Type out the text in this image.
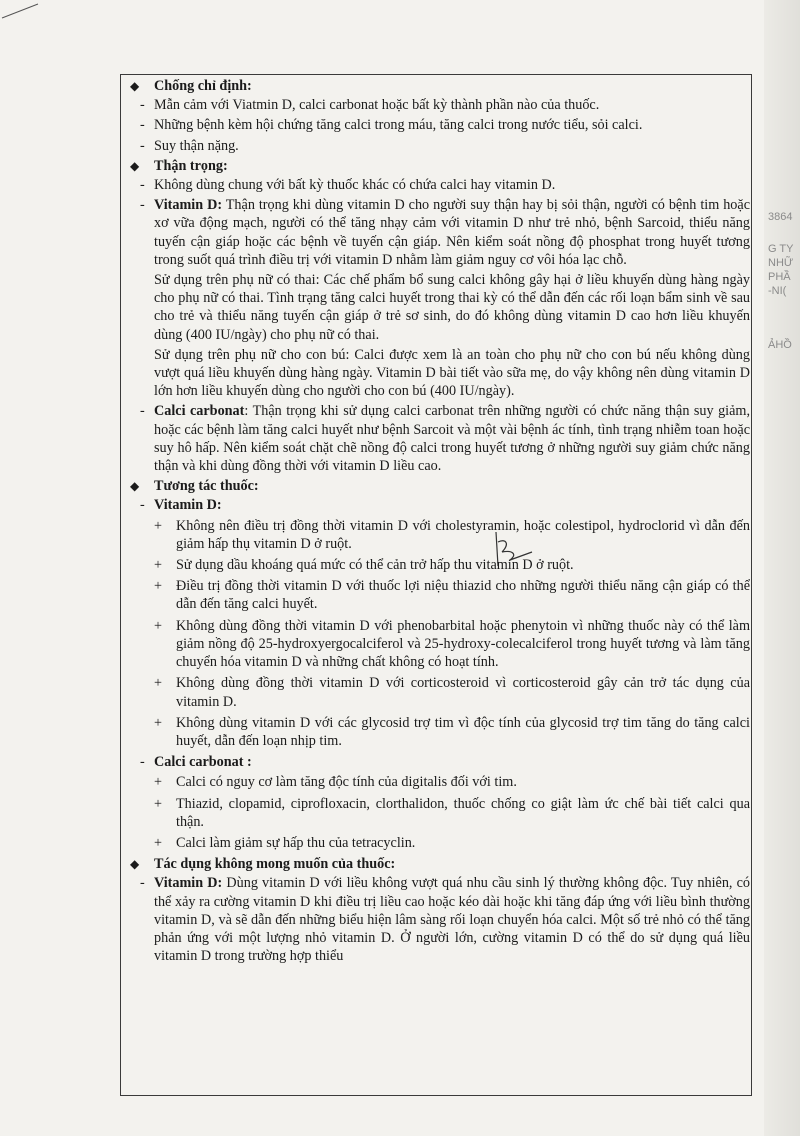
3864
G TY
NHỮ
PHẦ
-NI(
ẢHỒ

◆ Chống chỉ định:

- Mẫn cảm với Viatmin D, calci carbonat hoặc bất kỳ thành phần nào của thuốc.

- Những bệnh kèm hội chứng tăng calci trong máu, tăng calci trong nước tiểu, sỏi calci.

- Suy thận nặng.

◆ Thận trọng:

- Không dùng chung với bất kỳ thuốc khác có chứa calci hay vitamin D.

- Vitamin D: Thận trọng khi dùng vitamin D cho người suy thận hay bị sỏi thận, người có bệnh tim hoặc xơ vữa động mạch, người có thể tăng nhạy cảm với vitamin D như trẻ nhỏ, bệnh Sarcoid, thiểu năng tuyến cận giáp hoặc các bệnh về tuyến cận giáp. Nên kiểm soát nồng độ phosphat trong huyết tương trong suốt quá trình điều trị với vitamin D nhằm làm giảm nguy cơ vôi hóa lạc chỗ.

Sử dụng trên phụ nữ có thai: Các chế phẩm bổ sung calci không gây hại ở liều khuyến dùng hàng ngày cho phụ nữ có thai. Tình trạng tăng calci huyết trong thai kỳ có thể dẫn đến các rối loạn bẩm sinh về sau cho trẻ và thiểu năng tuyến cận giáp ở trẻ sơ sinh, do đó không dùng vitamin D cao hơn liều khuyến dùng (400 IU/ngày) cho phụ nữ có thai.

Sử dụng trên phụ nữ cho con bú: Calci được xem là an toàn cho phụ nữ cho con bú nếu không dùng vượt quá liều khuyến dùng hàng ngày. Vitamin D bài tiết vào sữa mẹ, do vậy không nên dùng vitamin D lớn hơn liều khuyến dùng cho người cho con bú (400 IU/ngày).

- Calci carbonat: Thận trọng khi sử dụng calci carbonat trên những người có chức năng thận suy giảm, hoặc các bệnh làm tăng calci huyết như bệnh Sarcoit và một vài bệnh ác tính, tình trạng nhiễm toan hoặc suy hô hấp. Nên kiểm soát chặt chẽ nồng độ calci trong huyết tương ở những người suy giảm chức năng thận và khi dùng đồng thời với vitamin D liều cao.

◆ Tương tác thuốc:

- Vitamin D:

+ Không nên điều trị đồng thời vitamin D với cholestyramin, hoặc colestipol, hydroclorid vì dẫn đến giảm hấp thụ vitamin D ở ruột.

+ Sử dụng dầu khoáng quá mức có thể cản trở hấp thu vitamin D ở ruột.

+ Điều trị đồng thời vitamin D với thuốc lợi niệu thiazid cho những người thiểu năng cận giáp có thể dẫn đến tăng calci huyết.

+ Không dùng đồng thời vitamin D với phenobarbital hoặc phenytoin vì những thuốc này có thể làm giảm nồng độ 25-hydroxyergocalciferol và 25-hydroxy-colecalciferol trong huyết tương và làm tăng chuyển hóa vitamin D và những chất không có hoạt tính.

+ Không dùng đồng thời vitamin D với corticosteroid vì corticosteroid gây cản trở tác dụng của vitamin D.

+ Không dùng vitamin D với các glycosid trợ tim vì độc tính của glycosid trợ tim tăng do tăng calci huyết, dẫn đến loạn nhịp tim.

- Calci carbonat :

+ Calci có nguy cơ làm tăng độc tính của digitalis đối với tim.

+ Thiazid, clopamid, ciprofloxacin, clorthalidon, thuốc chống co giật làm ức chế bài tiết calci qua thận.

+ Calci làm giảm sự hấp thu của tetracyclin.

◆ Tác dụng không mong muốn của thuốc:

- Vitamin D: Dùng vitamin D với liều không vượt quá nhu cầu sinh lý thường không độc. Tuy nhiên, có thể xảy ra cường vitamin D khi điều trị liều cao hoặc kéo dài hoặc khi tăng đáp ứng với liều bình thường vitamin D, và sẽ dẫn đến những biểu hiện lâm sàng rối loạn chuyển hóa calci. Một số trẻ nhỏ có thể tăng phản ứng với một lượng nhỏ vitamin D. Ở người lớn, cường vitamin D có thể do sử dụng quá liều vitamin D trong trường hợp thiểu
